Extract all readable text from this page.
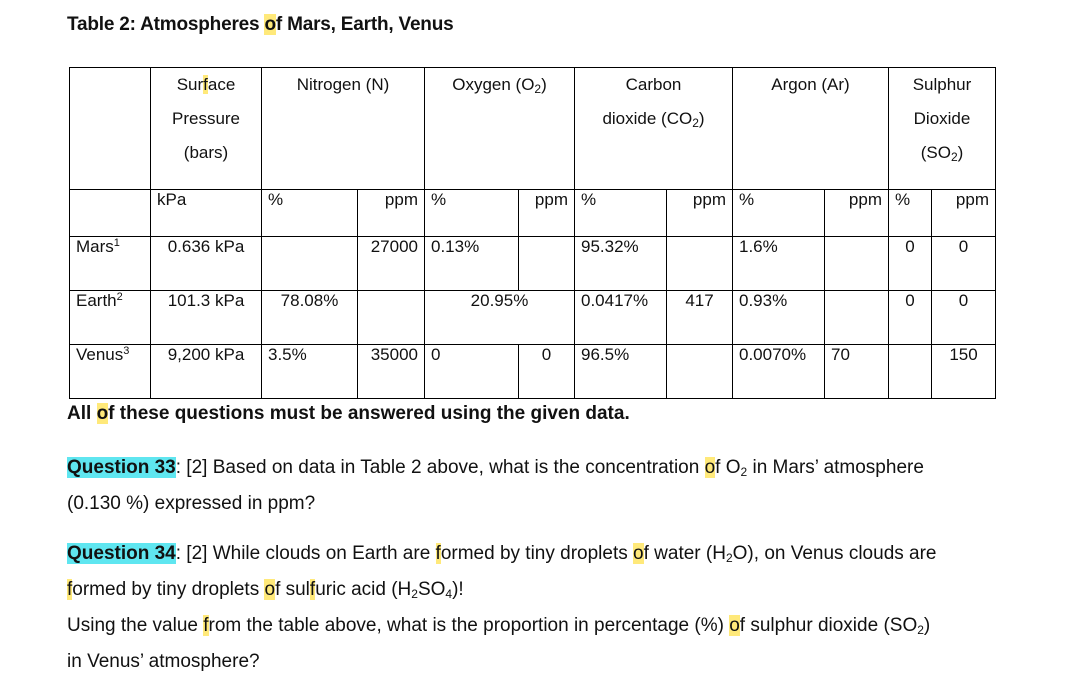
Table 2: Atmospheres of Mars, Earth, Venus
	Surface
Pressure
(bars)	Nitrogen (N)		Oxygen $(O_2)$		Carbon
dioxide $(CO_2)$		Argon (Ar)		Sulphur
Dioxide
$(SO_2)$	
	kPa	%	ppm	%	ppm	%	ppm	%	ppm	%	ppm
Mars$^1$	0.636 kPa		27000	0.13%		95.32%		1.6%		0	0
Earth$^2$	101.3 kPa	78.08%		20.95%		0.0417%	417	0.93%		0	0
Venus$^3$	9,200 kPa	3.5%	35000	0	0	96.5%		0.0070%	70		150
All of these questions must be answered using the given data.
Question 33: [2] Based on data in Table 2 above, what is the concentration of $O_2$ in Mars’ atmosphere
(0.130 %) expressed in ppm?
Question 34: [2] While clouds on Earth are formed by tiny droplets of water $(H_2O)$, on Venus clouds are
formed by tiny droplets of sulfuric acid $(H_2SO_4)$!
Using the value from the table above, what is the proportion in percentage (%) of sulphur dioxide $(SO_2)$
in Venus’ atmosphere?
